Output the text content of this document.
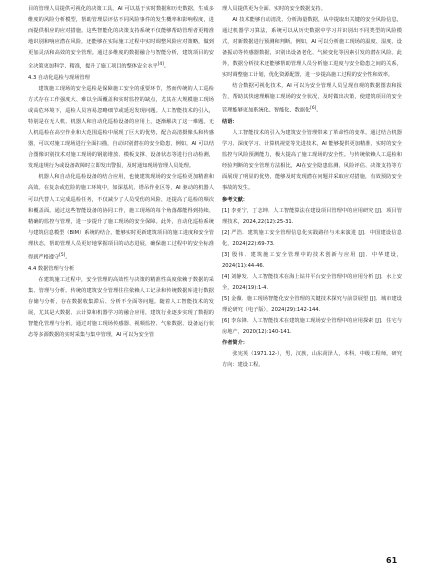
目的管理人员提供可视化的决策工具。AI 可以基于实时数据和历史数据，生成多维度的风险分析模型，帮助管理层评估不同风险事件的发生概率和影响程度，进而提供相应的应对措施。这些智能化的决策支持系统不仅能够帮助管理者更精准地识别和响应潜在风险，还能够在实际施工过程中实时调整风险应对策略，做到更加灵活和高效的安全管理。通过多维度的数据融合与智能分析，建筑项目的安全决策更加科学、精准，提升了施工项目的整体安全水平[4]。

4.3 自动化巡检与现场管理

建筑施工现场的安全巡检是保障施工安全的重要环节，然而传统的人工巡检方式存在工作强度大、难以全面覆盖和实时监控的缺点，尤其在大规模施工现场或高危环境下，巡检人员容易忽略细节或延迟发现问题。人工智能技术的引入，特别是在无人机、机器人和自动化巡检设备的应用上，逐渐解决了这一难题。无人机巡检在高空作业和大范围巡检中展现了巨大的优势，配合高清摄像头和传感器，可以对施工现场进行全面扫描，自动识别潜在的安全隐患，例如，AI 可以结合图像识别技术对施工现场的钢筋堆放、模板支撑、设备状态等进行自动检测，发现违规行为或设备故障时立即发出警报，及时通知现场管理人员处理。

机器人和自动化巡检设备的结合应用，也使建筑现场的安全巡检更加精准和高效。在复杂或危险的施工环境中，如深基坑、塔吊作业区等，AI 驱动的机器人可以代替人工完成巡检任务，不仅减少了人员受伤的风险，还提高了巡检的频次和覆盖面。通过这些智能设备的协同工作，施工现场的每个角落都能得到持续、精确的监控与管理，进一步提升了施工现场的安全保障。此外，自动化巡检系统与建筑信息模型（BIM）系统的结合，能够实时更新建筑项目的施工进度和安全管理状态，帮助管理人员更好地掌握项目的动态进展，确保施工过程中的安全标准得到严格遵守[5]。

4.4 数据管理与分析

在建筑施工过程中，安全管理的高效性与决策的精准性高度依赖于数据的采集、管理与分析。传统的建筑安全管理往往依赖人工记录和传统数据库进行数据存储与分析，存在数据收集滞后、分析不全面等问题。随着人工智能技术的发展，尤其是大数据、云计算和机器学习的融合应用，建筑行业逐步实现了数据的智能化管理与分析。通过对施工现场传感器、视频监控、气象数据、设备运行状态等多源数据的实时采集与集中管理，AI 可以为安全管

理人员提供更为全面、实时的安全数据支持。

AI 技术能够自动清洗、分析海量数据，从中提取出关键的安全风险信息，通过机器学习算法，系统可以从历史数据中学习并识别出不同类型的风险模式，对新数据进行预测和判断。例如，AI 可以分析施工现场的温度、湿度、设备振动等传感器数据，识别出设备老化、气候变化等因素引发的潜在风险。此外，数据分析技术还能够帮助管理人员分析施工进度与安全隐患之间的关系，实时调整施工计划，优化资源配置，进一步提高施工过程的安全性和效率。

结合数据可视化技术，AI 可以为安全管理人员呈现直观的数据图表和报告，帮助其快速理解施工现场的安全状况，及时做出决策，使建筑项目的安全管理能够更加系统化、智能化、数据化[6]。

结语：

人工智能技术的引入为建筑安全管理带来了革命性的变革。通过结合机器学习、深度学习、计算机视觉等先进技术，AI 能够提供更加精准、实时的安全监控与风险预测能力，极大提高了施工现场的安全性。与传统依赖人工巡检和经验判断的安全管理方法相比，AI在安全隐患监测、风险评估、决策支持等方面展现了明显的优势，能够及时发现潜在问题并采取应对措施，有效预防安全事故的发生。

参考文献：

[1] 李亚宁，丁志坤．人工智能算法在建设项目管理中的应用研究 [J]．项目管理技术，2024,22(12):25-31.

[2] 严浩．建筑施工安全管理信息化实践路径与未来演进 [J]．中国建设信息化，2024(22):69-73.

[3] 殷伟．建筑施工安全管理中的技术创新与应用 [J]．中华建设，2024(11):44-46.

[4] 刘静发．人工智能技术在海上钻井平台安全管理中的应用分析 [J]．水上安全，2024(19):1-4.

[5] 金薇．施工现场智能化安全管理的关键技术探究与前景展望 [J]．城市建设理论研究（电子版），2024(29):142-144.

[6] 李东锋．人工智能技术在建筑施工现场安全管理中的应用探索 [J]．住宅与房地产，2020(12):140-141.

作者简介：

张宪英（1971.12-），男，汉族，山东菏泽人，本科，中级工程师，研究方向：建设工程。

61
